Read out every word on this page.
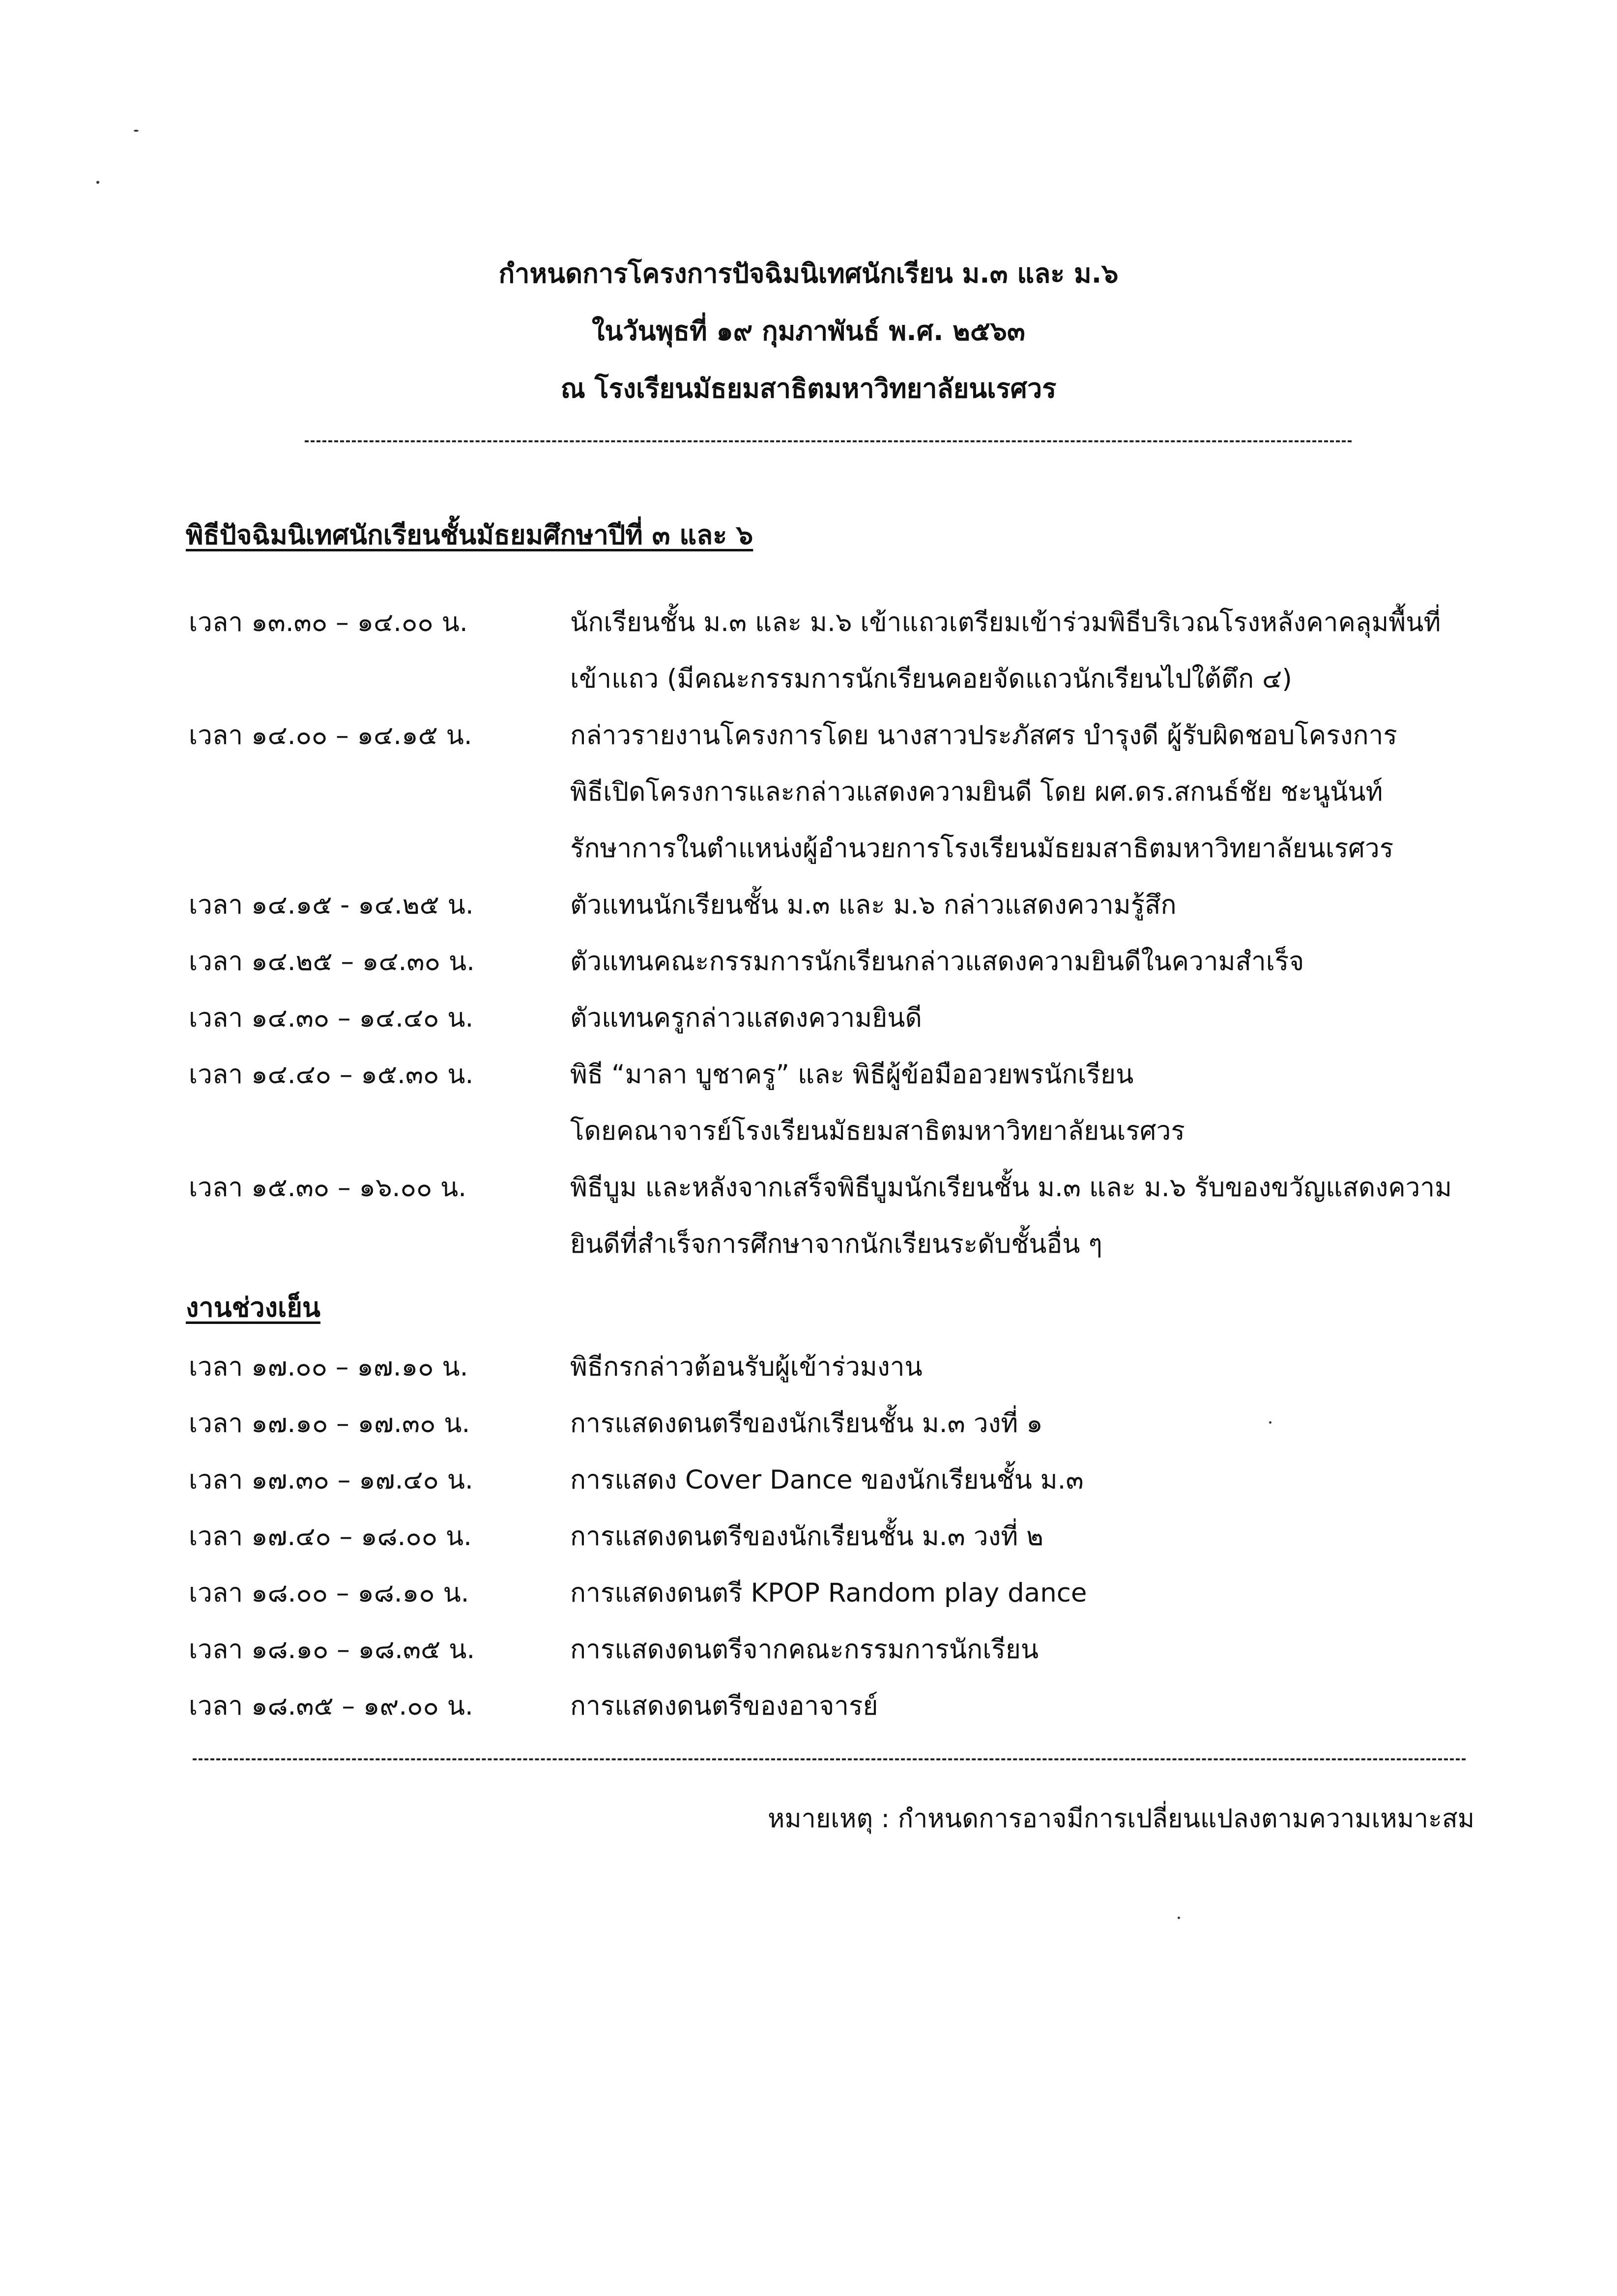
กำหนดการโครงการปัจฉิมนิเทศนักเรียน ม.๓ และ ม.๖
ในวันพุธที่ ๑๙ กุมภาพันธ์ พ.ศ. ๒๕๖๓
ณ โรงเรียนมัธยมสาธิตมหาวิทยาลัยนเรศวร
พิธีปัจฉิมนิเทศนักเรียนชั้นมัธยมศึกษาปีที่ ๓ และ ๖
เวลา ๑๓.๓๐ – ๑๔.๐๐ น.	นักเรียนชั้น ม.๓ และ ม.๖ เข้าแถวเตรียมเข้าร่วมพิธีบริเวณโรงหลังคาคลุมพื้นที่
เข้าแถว (มีคณะกรรมการนักเรียนคอยจัดแถวนักเรียนไปใต้ตึก ๔)
เวลา ๑๔.๐๐ – ๑๔.๑๕ น.	กล่าวรายงานโครงการโดย นางสาวประภัสศร บำรุงดี ผู้รับผิดชอบโครงการ
พิธีเปิดโครงการและกล่าวแสดงความยินดี โดย ผศ.ดร.สกนธ์ชัย ชะนูนันท์
รักษาการในตำแหน่งผู้อำนวยการโรงเรียนมัธยมสาธิตมหาวิทยาลัยนเรศวร
เวลา ๑๔.๑๕ - ๑๔.๒๕ น.	ตัวแทนนักเรียนชั้น ม.๓ และ ม.๖ กล่าวแสดงความรู้สึก
เวลา ๑๔.๒๕ – ๑๔.๓๐ น.	ตัวแทนคณะกรรมการนักเรียนกล่าวแสดงความยินดีในความสำเร็จ
เวลา ๑๔.๓๐ – ๑๔.๔๐ น.	ตัวแทนครูกล่าวแสดงความยินดี
เวลา ๑๔.๔๐ – ๑๕.๓๐ น.	พิธี “มาลา บูชาครู” และ พิธีผู้ข้อมืออวยพรนักเรียน
โดยคณาจารย์โรงเรียนมัธยมสาธิตมหาวิทยาลัยนเรศวร
เวลา ๑๕.๓๐ – ๑๖.๐๐ น.	พิธีบูม และหลังจากเสร็จพิธีบูมนักเรียนชั้น ม.๓ และ ม.๖ รับของขวัญแสดงความ
ยินดีที่สำเร็จการศึกษาจากนักเรียนระดับชั้นอื่น ๆ
งานช่วงเย็น
เวลา ๑๗.๐๐ – ๑๗.๑๐ น.	พิธีกรกล่าวต้อนรับผู้เข้าร่วมงาน
เวลา ๑๗.๑๐ – ๑๗.๓๐ น.	การแสดงดนตรีของนักเรียนชั้น ม.๓ วงที่ ๑
เวลา ๑๗.๓๐ – ๑๗.๔๐ น.	การแสดง Cover Dance ของนักเรียนชั้น ม.๓
เวลา ๑๗.๔๐ – ๑๘.๐๐ น.	การแสดงดนตรีของนักเรียนชั้น ม.๓ วงที่ ๒
เวลา ๑๘.๐๐ – ๑๘.๑๐ น.	การแสดงดนตรี KPOP Random play dance
เวลา ๑๘.๑๐ – ๑๘.๓๕ น.	การแสดงดนตรีจากคณะกรรมการนักเรียน
เวลา ๑๘.๓๕ – ๑๙.๐๐ น.	การแสดงดนตรีของอาจารย์
หมายเหตุ : กำหนดการอาจมีการเปลี่ยนแปลงตามความเหมาะสม
